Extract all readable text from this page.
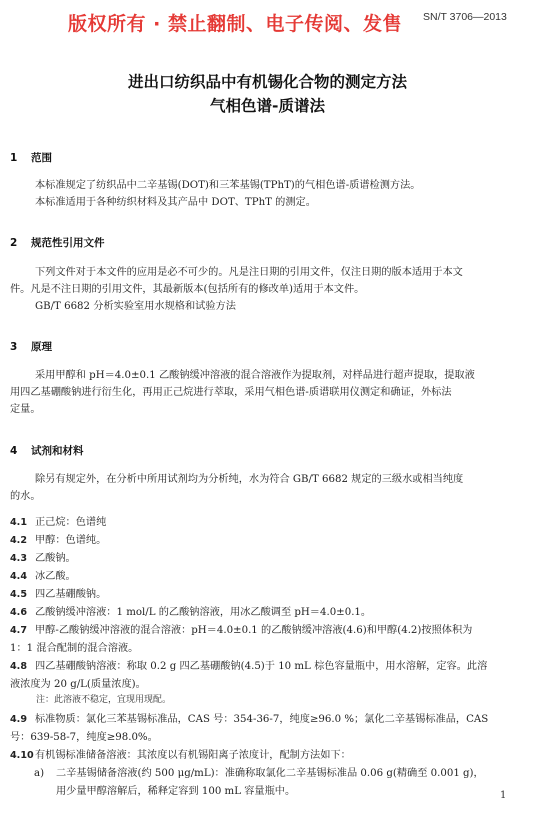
版权所有 · 禁止翻制、电子传阅、发售 SN/T 3706—2013
进出口纺织品中有机锡化合物的测定方法
气相色谱-质谱法
1 范围
本标准规定了纺织品中二辛基锡(DOT)和三苯基锡(TPhT)的气相色谱-质谱检测方法。
本标准适用于各种纺织材料及其产品中 DOT、TPhT 的测定。
2 规范性引用文件
下列文件对于本文件的应用是必不可少的。凡是注日期的引用文件，仅注日期的版本适用于本文
件。凡是不注日期的引用文件，其最新版本(包括所有的修改单)适用于本文件。
GB/T 6682 分析实验室用水规格和试验方法
3 原理
采用甲醇和 pH＝4.0±0.1 乙酸钠缓冲溶液的混合溶液作为提取剂，对样品进行超声提取，提取液
用四乙基硼酸钠进行衍生化，再用正己烷进行萃取，采用气相色谱-质谱联用仪测定和确证，外标法
定量。
4 试剂和材料
除另有规定外，在分析中所用试剂均为分析纯，水为符合 GB/T 6682 规定的三级水或相当纯度
的水。
4.1 正己烷：色谱纯
4.2 甲醇：色谱纯。
4.3 乙酸钠。
4.4 冰乙酸。
4.5 四乙基硼酸钠。
4.6 乙酸钠缓冲溶液：1 mol/L 的乙酸钠溶液，用冰乙酸调至 pH＝4.0±0.1。
4.7 甲醇-乙酸钠缓冲溶液的混合溶液：pH＝4.0±0.1 的乙酸钠缓冲溶液(4.6)和甲醇(4.2)按照体积为
1：1 混合配制的混合溶液。
4.8 四乙基硼酸钠溶液：称取 0.2 g 四乙基硼酸钠(4.5)于 10 mL 棕色容量瓶中，用水溶解，定容。此溶
液浓度为 20 g/L(质量浓度)。
注：此溶液不稳定，宜现用现配。
4.9 标准物质：氯化三苯基锡标准品，CAS 号：354-36-7，纯度≥96.0 %；氯化二辛基锡标准品，CAS
号：639-58-7，纯度≥98.0%。
4.10有机锡标准储备溶液：其浓度以有机锡阳离子浓度计，配制方法如下：
a) 二辛基锡储备溶液(约 500 μg/mL)：准确称取氯化二辛基锡标准品 0.06 g(精确至 0.001 g)，
用少量甲醇溶解后，稀释定容到 100 mL 容量瓶中。	1
